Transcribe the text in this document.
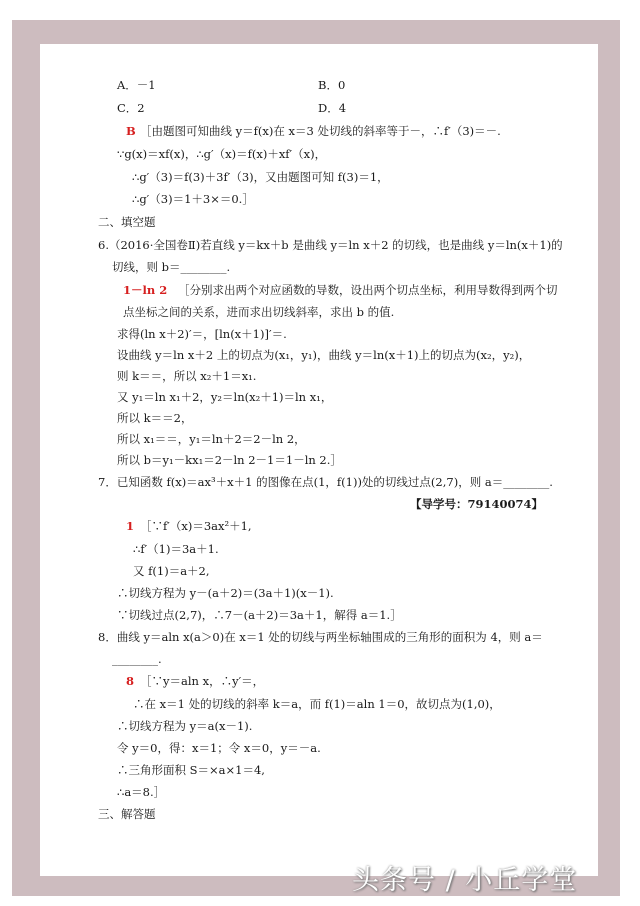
A．－1	B．0
C．2	D．4
B ［由题图可知曲线 y＝f(x)在 x＝3 处切线的斜率等于－，∴f′（3)＝－.
∵g(x)＝xf(x)，∴g′（x)＝f(x)＋xf′（x)，
∴g′（3)＝f(3)＋3f′（3)，又由题图可知 f(3)＝1，
∴g′（3)＝1＋3×＝0.］
二、填空题
6.（2016·全国卷Ⅱ)若直线 y＝kx＋b 是曲线 y＝ln x＋2 的切线，也是曲线 y＝ln(x＋1)的
切线，则 b＝________.
1－ln 2 ［分别求出两个对应函数的导数，设出两个切点坐标，利用导数得到两个切
点坐标之间的关系，进而求出切线斜率，求出 b 的值.
求得(ln x＋2)′＝，[ln(x＋1)]′＝.
设曲线 y＝ln x＋2 上的切点为(x₁，y₁)，曲线 y＝ln(x＋1)上的切点为(x₂，y₂)，
则 k＝＝，所以 x₂＋1＝x₁.
又 y₁＝ln x₁＋2，y₂＝ln(x₂＋1)＝ln x₁，
所以 k＝＝2，
所以 x₁＝＝，y₁＝ln＋2＝2－ln 2，
所以 b＝y₁－kx₁＝2－ln 2－1＝1－ln 2.］
7．已知函数 f(x)＝ax³＋x＋1 的图像在点(1，f(1))处的切线过点(2,7)，则 a＝________.
【导学号：79140074】
1 ［∵f′（x)＝3ax²＋1,
∴f′（1)＝3a＋1.
又 f(1)＝a＋2,
∴切线方程为 y－(a＋2)＝(3a＋1)(x－1).
∵切线过点(2,7)，∴7－(a＋2)＝3a＋1，解得 a＝1.］
8．曲线 y＝aln x(a＞0)在 x＝1 处的切线与两坐标轴围成的三角形的面积为 4，则 a＝
________.
8 ［∵y＝aln x，∴y′＝，
∴在 x＝1 处的切线的斜率 k＝a，而 f(1)＝aln 1＝0，故切点为(1,0)，
∴切线方程为 y＝a(x－1).
令 y＝0，得：x＝1；令 x＝0，y＝－a.
∴三角形面积 S＝×a×1＝4,
∴a＝8.］
三、解答题
头条号 / 小丘学堂
